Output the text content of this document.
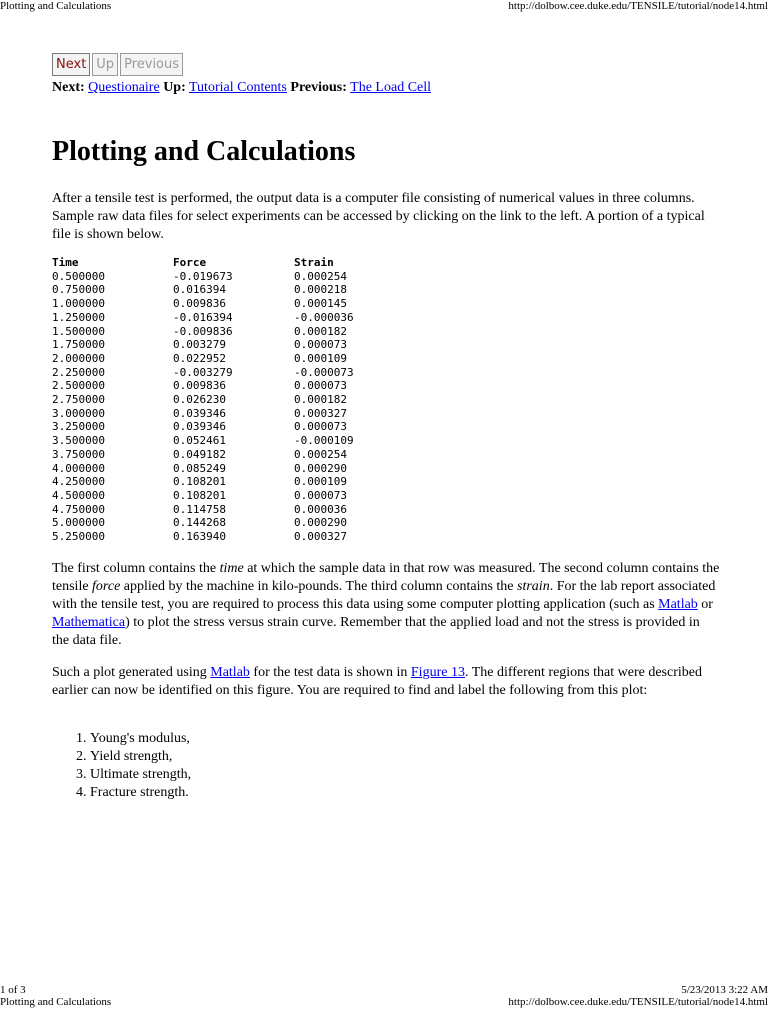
Plotting and Calculations	http://dolbow.cee.duke.edu/TENSILE/tutorial/node14.html
Next Up Previous
Next: Questionaire Up: Tutorial Contents Previous: The Load Cell
Plotting and Calculations

After a tensile test is performed, the output data is a computer file consisting of numerical values in three columns. Sample raw data files for select experiments can be accessed by clicking on the link to the left. A portion of a typical file is shown below.

Time	Force	Strain
0.500000	-0.019673	0.000254
0.750000	0.016394	0.000218
1.000000	0.009836	0.000145
1.250000	-0.016394	-0.000036
1.500000	-0.009836	0.000182
1.750000	0.003279	0.000073
2.000000	0.022952	0.000109
2.250000	-0.003279	-0.000073
2.500000	0.009836	0.000073
2.750000	0.026230	0.000182
3.000000	0.039346	0.000327
3.250000	0.039346	0.000073
3.500000	0.052461	-0.000109
3.750000	0.049182	0.000254
4.000000	0.085249	0.000290
4.250000	0.108201	0.000109
4.500000	0.108201	0.000073
4.750000	0.114758	0.000036
5.000000	0.144268	0.000290
5.250000	0.163940	0.000327

The first column contains the time at which the sample data in that row was measured. The second column contains the tensile force applied by the machine in kilo-pounds. The third column contains the strain. For the lab report associated with the tensile test, you are required to process this data using some computer plotting application (such as Matlab or Mathematica) to plot the stress versus strain curve. Remember that the applied load and not the stress is provided in the data file.

Such a plot generated using Matlab for the test data is shown in Figure 13. The different regions that were described earlier can now be identified on this figure. You are required to find and label the following from this plot:

1. Young's modulus,
2. Yield strength,
3. Ultimate strength,
4. Fracture strength.
1 of 3	5/23/2013 3:22 AM
Plotting and Calculations	http://dolbow.cee.duke.edu/TENSILE/tutorial/node14.html
